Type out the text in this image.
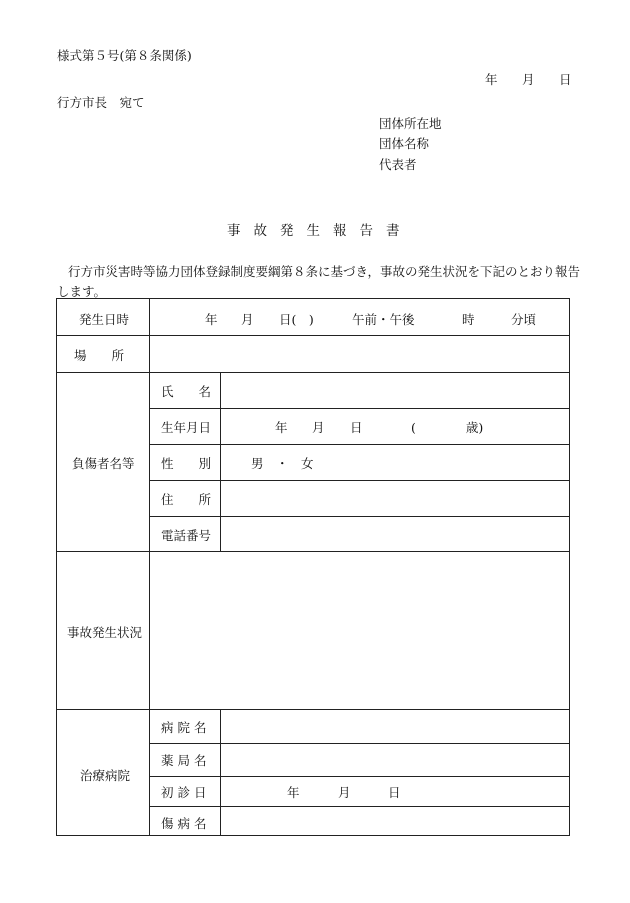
様式第５号(第８条関係)
年 月 日
行方市長　宛て
団体所在地
団体名称
代表者
事故発生報告書
行方市災害時等協力団体登録制度要綱第８条に基づき，事故の発生状況を下記のとおり報告
します。
発生日時	年 月 日(　)	午前・午後	時	分頃
場　　所
負傷者名等
氏　　名
生年月日	年 月 日	(　　　　歳)
性　　別	男　・　女
住　　所
電話番号
事故発生状況
治療病院
病 院 名
薬 局 名
初 診 日	年	月	日
傷 病 名
